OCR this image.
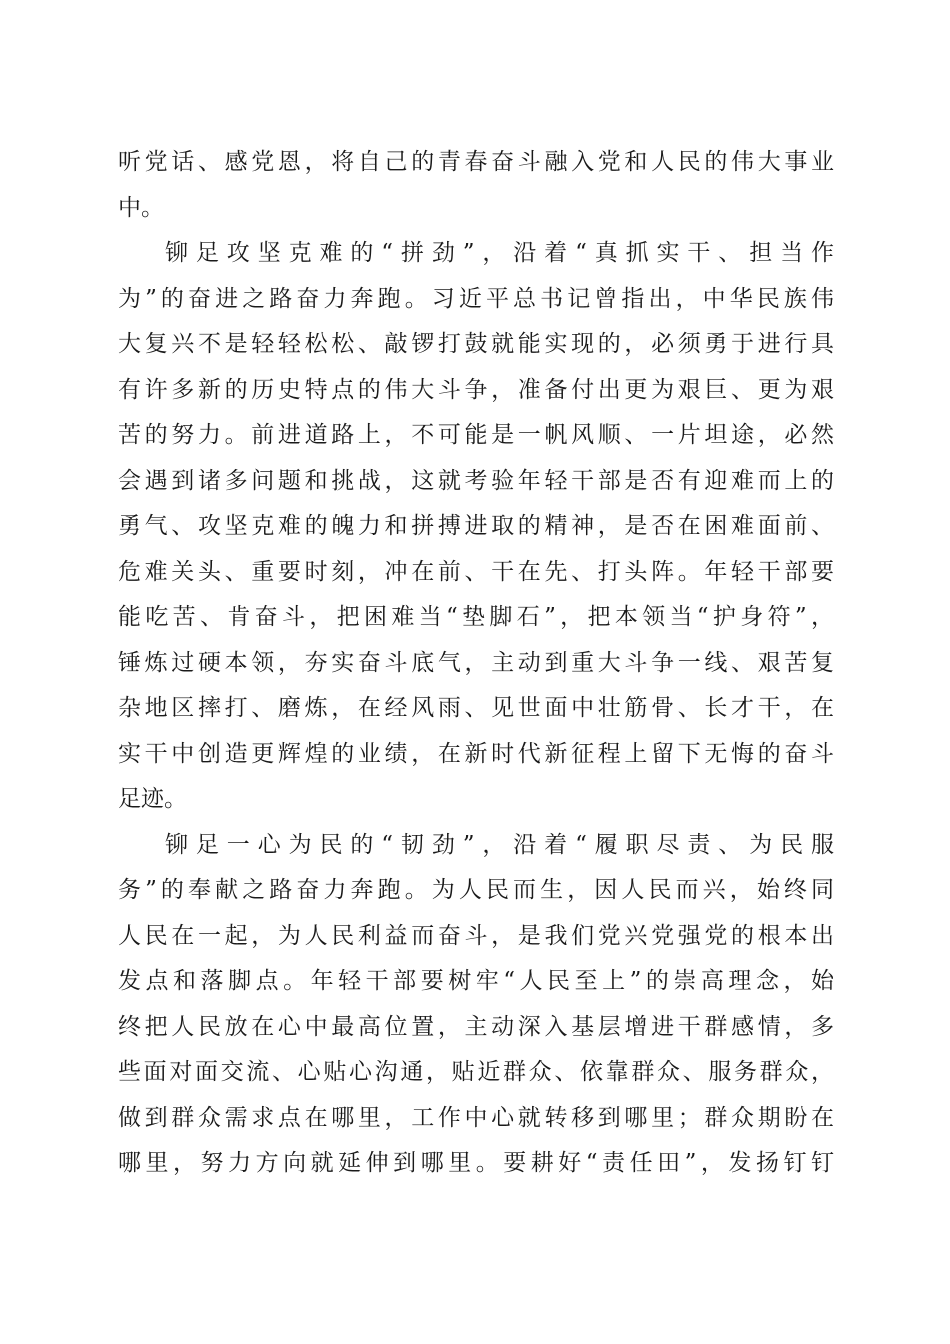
听党话、感党恩，将自己的青春奋斗融入党和人民的伟大事业
中。
铆足攻坚克难的“拼劲”，沿着“真抓实干、担当作
为”的奋进之路奋力奔跑。习近平总书记曾指出，中华民族伟
大复兴不是轻轻松松、敲锣打鼓就能实现的，必须勇于进行具
有许多新的历史特点的伟大斗争，准备付出更为艰巨、更为艰
苦的努力。前进道路上，不可能是一帆风顺、一片坦途，必然
会遇到诸多问题和挑战，这就考验年轻干部是否有迎难而上的
勇气、攻坚克难的魄力和拼搏进取的精神，是否在困难面前、
危难关头、重要时刻，冲在前、干在先、打头阵。年轻干部要
能吃苦、肯奋斗，把困难当“垫脚石”，把本领当“护身符”，
锤炼过硬本领，夯实奋斗底气，主动到重大斗争一线、艰苦复
杂地区摔打、磨炼，在经风雨、见世面中壮筋骨、长才干，在
实干中创造更辉煌的业绩，在新时代新征程上留下无悔的奋斗
足迹。
铆足一心为民的“韧劲”，沿着“履职尽责、为民服
务”的奉献之路奋力奔跑。为人民而生，因人民而兴，始终同
人民在一起，为人民利益而奋斗，是我们党兴党强党的根本出
发点和落脚点。年轻干部要树牢“人民至上”的崇高理念，始
终把人民放在心中最高位置，主动深入基层增进干群感情，多
些面对面交流、心贴心沟通，贴近群众、依靠群众、服务群众，
做到群众需求点在哪里，工作中心就转移到哪里；群众期盼在
哪里，努力方向就延伸到哪里。要耕好“责任田”，发扬钉钉
